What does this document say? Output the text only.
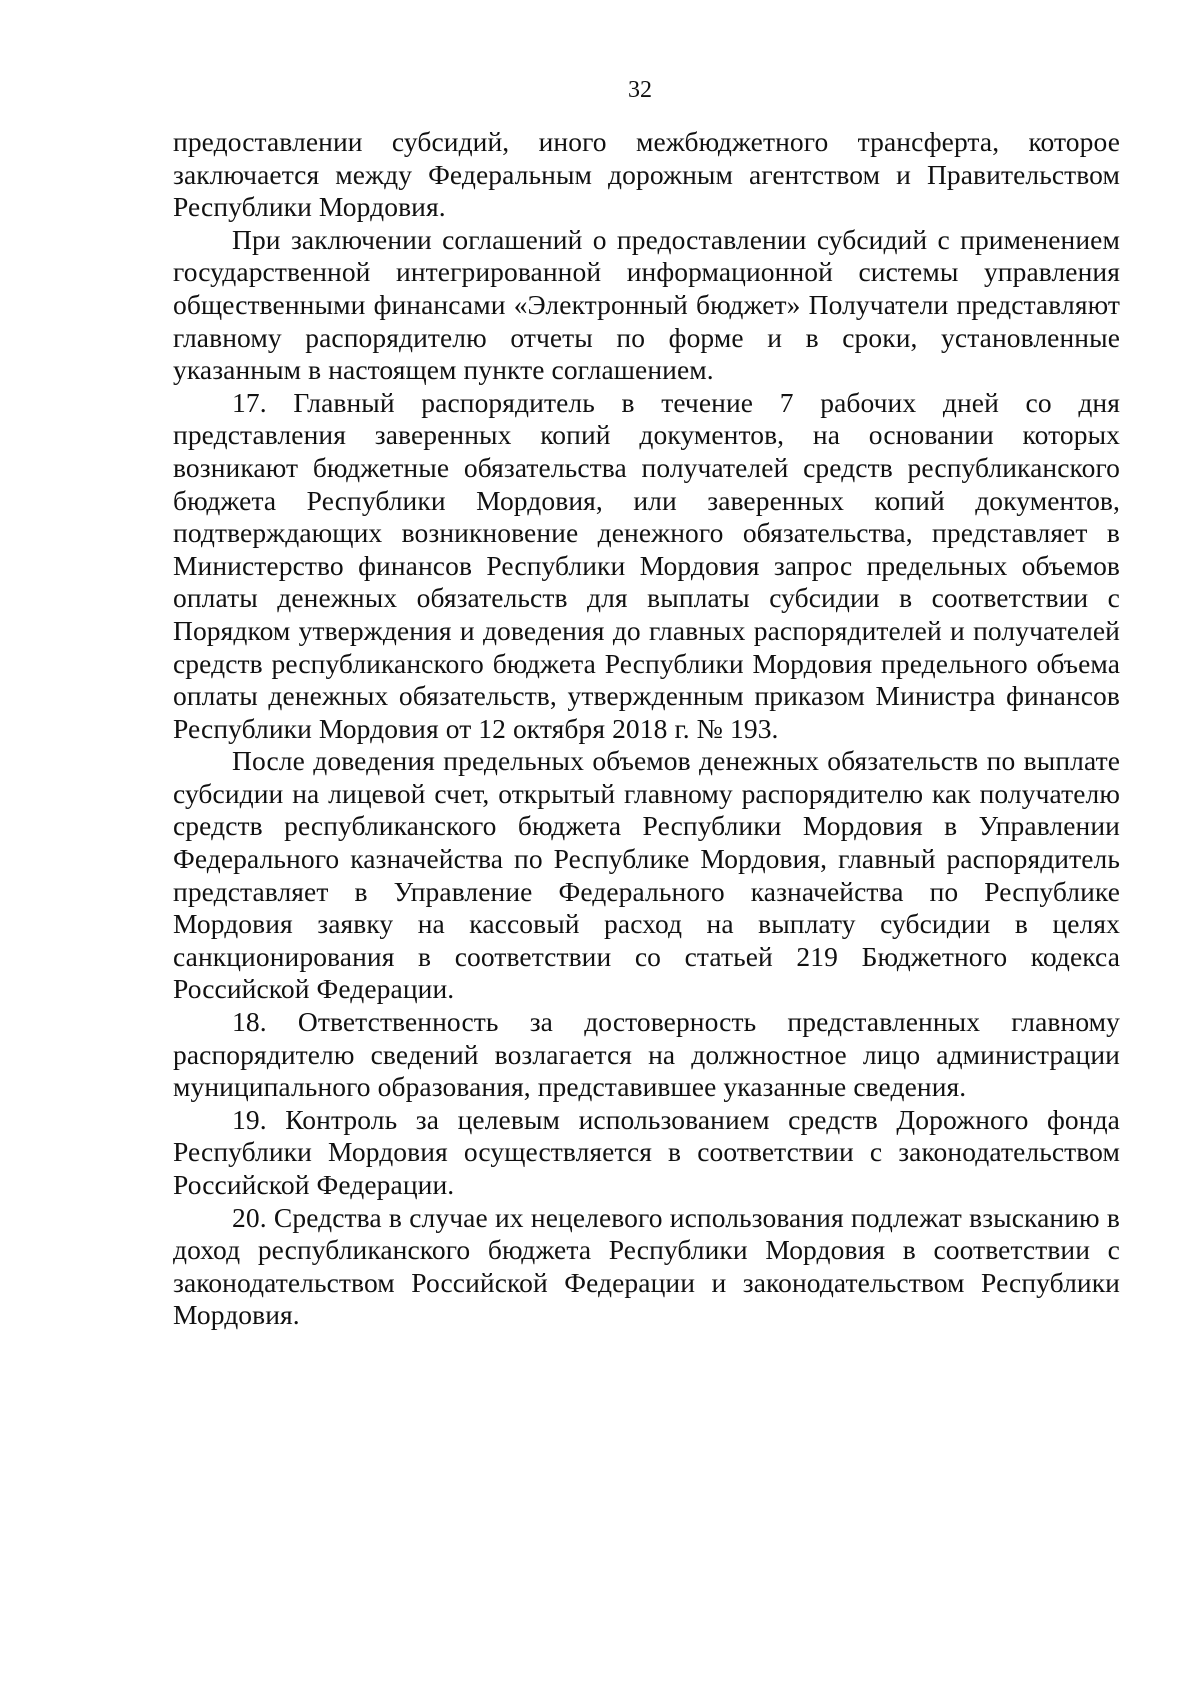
32

предоставлении субсидий, иного межбюджетного трансферта, которое заключается между Федеральным дорожным агентством и Правительством Республики Мордовия.

При заключении соглашений о предоставлении субсидий с применением государственной интегрированной информационной системы управления общественными финансами «Электронный бюджет» Получатели представляют главному распорядителю отчеты по форме и в сроки, установленные указанным в настоящем пункте соглашением.

17. Главный распорядитель в течение 7 рабочих дней со дня представления заверенных копий документов, на основании которых возникают бюджетные обязательства получателей средств республиканского бюджета Республики Мордовия, или заверенных копий документов, подтверждающих возникновение денежного обязательства, представляет в Министерство финансов Республики Мордовия запрос предельных объемов оплаты денежных обязательств для выплаты субсидии в соответствии с Порядком утверждения и доведения до главных распорядителей и получателей средств республиканского бюджета Республики Мордовия предельного объема оплаты денежных обязательств, утвержденным приказом Министра финансов Республики Мордовия от 12 октября 2018 г. № 193.

После доведения предельных объемов денежных обязательств по выплате субсидии на лицевой счет, открытый главному распорядителю как получателю средств республиканского бюджета Республики Мордовия в Управлении Федерального казначейства по Республике Мордовия, главный распорядитель представляет в Управление Федерального казначейства по Республике Мордовия заявку на кассовый расход на выплату субсидии в целях санкционирования в соответствии со статьей 219 Бюджетного кодекса Российской Федерации.

18. Ответственность за достоверность представленных главному распорядителю сведений возлагается на должностное лицо администрации муниципального образования, представившее указанные сведения.

19. Контроль за целевым использованием средств Дорожного фонда Республики Мордовия осуществляется в соответствии с законодательством Российской Федерации.

20. Средства в случае их нецелевого использования подлежат взысканию в доход республиканского бюджета Республики Мордовия в соответствии с законодательством Российской Федерации и законодательством Республики Мордовия.
